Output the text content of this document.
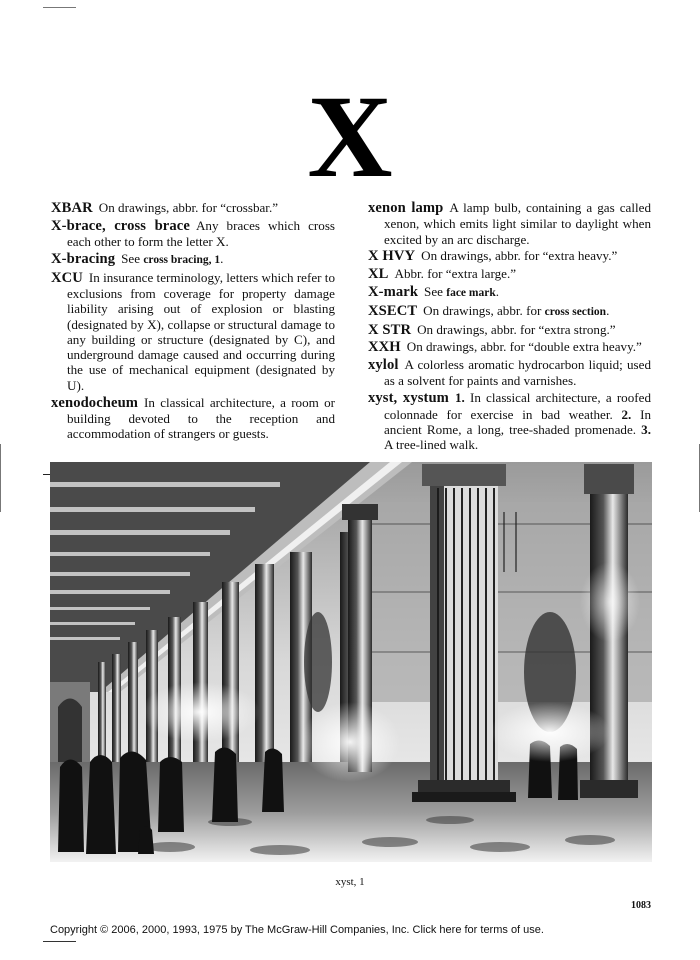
X

XBAR On drawings, abbr. for “crossbar.”

X-brace, cross brace Any braces which cross each other to form the letter X.

X-bracing See cross bracing, 1.

XCU In insurance terminology, letters which refer to exclusions from coverage for property damage liability arising out of explosion or blasting (designated by X), collapse or structural damage to any building or structure (designated by C), and underground damage caused and occurring during the use of mechanical equipment (designated by U).

xenodocheum In classical architecture, a room or building devoted to the reception and accommodation of strangers or guests.

xenon lamp A lamp bulb, containing a gas called xenon, which emits light similar to daylight when excited by an arc discharge.

X HVY On drawings, abbr. for “extra heavy.”

XL Abbr. for “extra large.”

X-mark See face mark.

XSECT On drawings, abbr. for cross section.

X STR On drawings, abbr. for “extra strong.”

XXH On drawings, abbr. for “double extra heavy.”

xylol A colorless aromatic hydrocarbon liquid; used as a solvent for paints and varnishes.

xyst, xystum 1. In classical architecture, a roofed colonnade for exercise in bad weather. 2. In ancient Rome, a long, tree-shaded promenade. 3. A tree-lined walk.

xyst, 1
1083
Copyright © 2006, 2000, 1993, 1975 by The McGraw-Hill Companies, Inc. Click here for terms of use.
